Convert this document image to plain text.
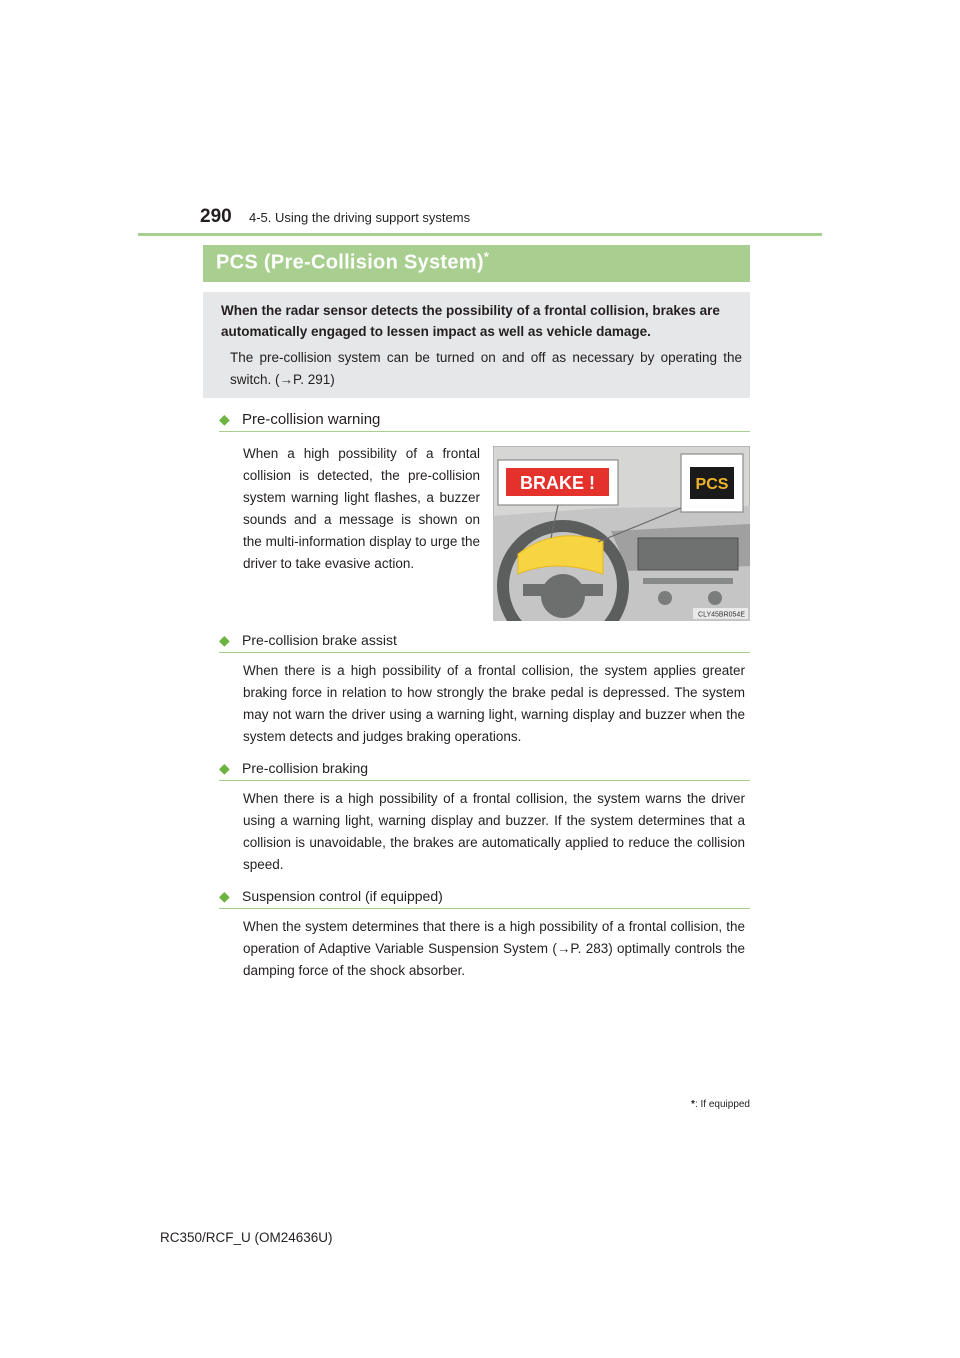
290 4-5. Using the driving support systems
PCS (Pre-Collision System)*
When the radar sensor detects the possibility of a frontal collision, brakes are automatically engaged to lessen impact as well as vehicle damage.
The pre-collision system can be turned on and off as necessary by operating the switch. (→P. 291)
◆ Pre-collision warning
When a high possibility of a frontal collision is detected, the pre-collision system warning light flashes, a buzzer sounds and a message is shown on the multi-information display to urge the driver to take evasive action.
BRAKE !	PCS
CLY45BR054E
◆ Pre-collision brake assist
When there is a high possibility of a frontal collision, the system applies greater braking force in relation to how strongly the brake pedal is depressed. The system may not warn the driver using a warning light, warning display and buzzer when the system detects and judges braking operations.
◆ Pre-collision braking
When there is a high possibility of a frontal collision, the system warns the driver using a warning light, warning display and buzzer. If the system determines that a collision is unavoidable, the brakes are automatically applied to reduce the collision speed.
◆ Suspension control (if equipped)
When the system determines that there is a high possibility of a frontal collision, the operation of Adaptive Variable Suspension System (→P. 283) optimally controls the damping force of the shock absorber.
*: If equipped
RC350/RCF_U (OM24636U)
